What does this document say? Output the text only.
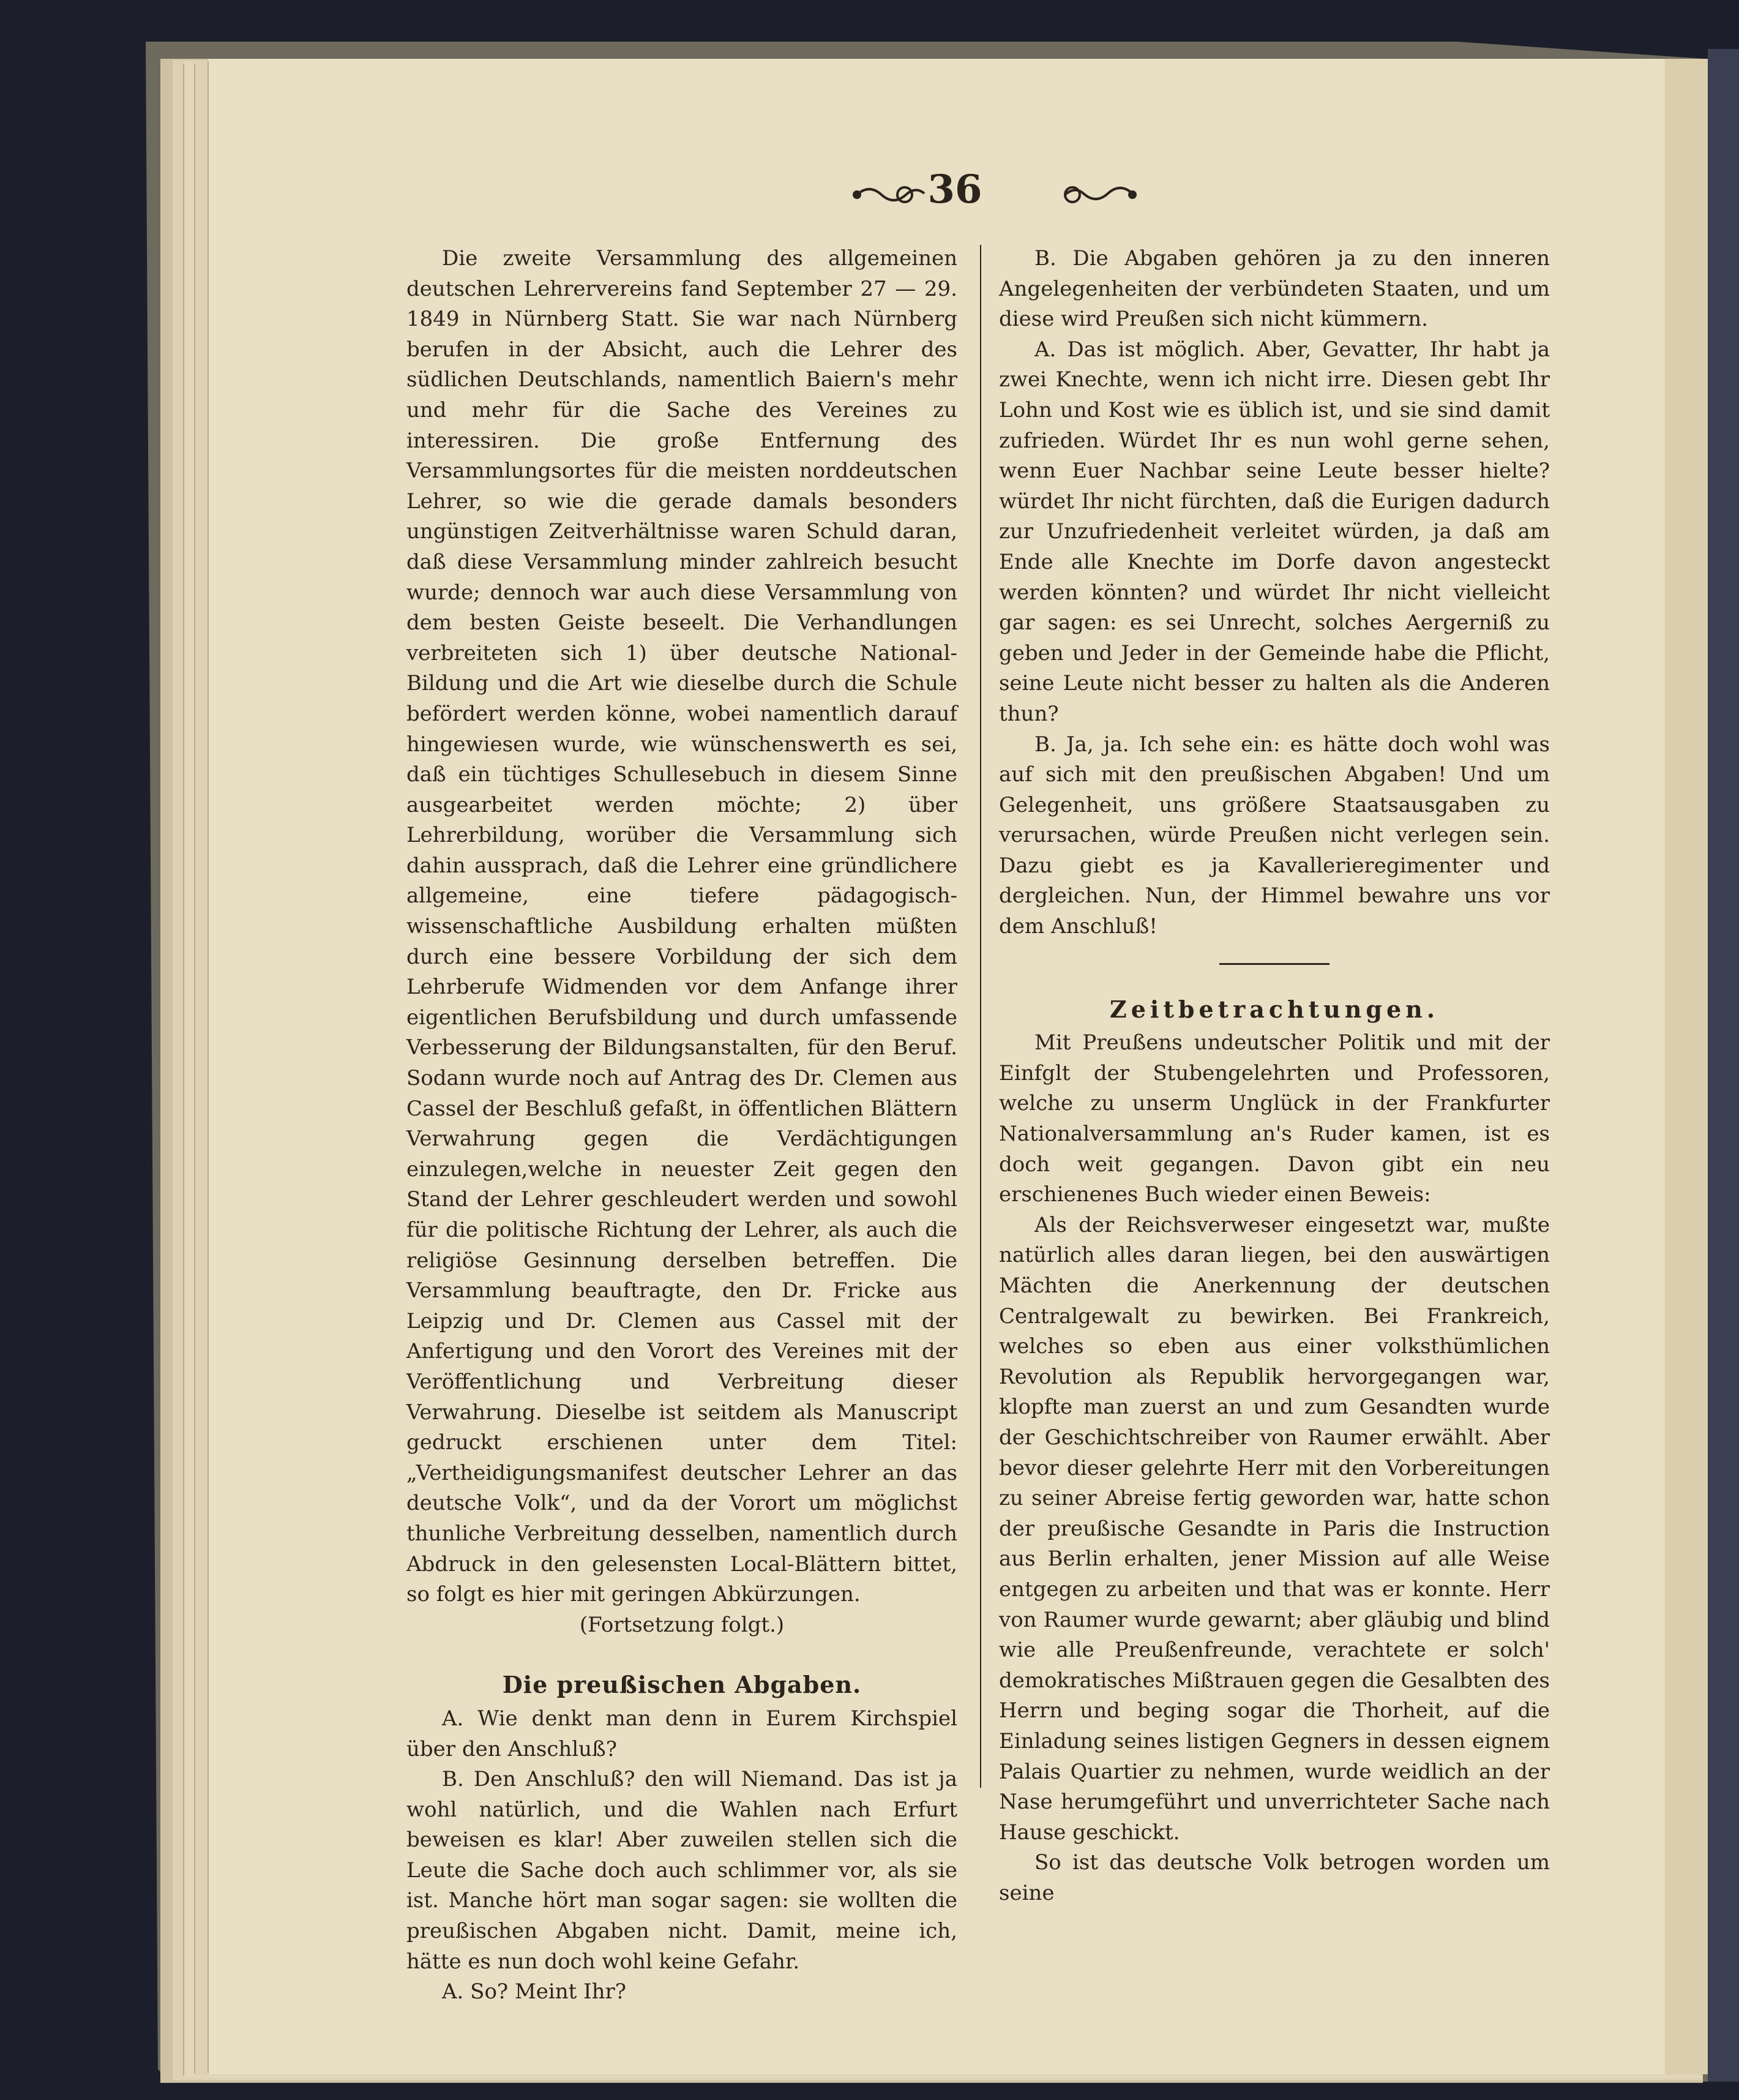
36

Die zweite Versammlung des allgemeinen deutschen Lehrervereins fand September 27 — 29. 1849 in Nürnberg Statt. Sie war nach Nürnberg berufen in der Absicht, auch die Lehrer des südlichen Deutschlands, namentlich Baiern's mehr und mehr für die Sache des Vereines zu interessiren. Die große Entfernung des Versammlungsortes für die meisten norddeutschen Lehrer, so wie die gerade damals besonders ungünstigen Zeitverhältnisse waren Schuld daran, daß diese Versammlung minder zahlreich besucht wurde; dennoch war auch diese Versammlung von dem besten Geiste beseelt. Die Verhandlungen verbreiteten sich 1) über deutsche National-Bildung und die Art wie dieselbe durch die Schule befördert werden könne, wobei namentlich darauf hingewiesen wurde, wie wünschenswerth es sei, daß ein tüchtiges Schullesebuch in diesem Sinne ausgearbeitet werden möchte; 2) über Lehrerbildung, worüber die Versammlung sich dahin aussprach, daß die Lehrer eine gründlichere allgemeine, eine tiefere pädagogisch-wissenschaftliche Ausbildung erhalten müßten durch eine bessere Vorbildung der sich dem Lehrberufe Widmenden vor dem Anfange ihrer eigentlichen Berufsbildung und durch umfassende Verbesserung der Bildungsanstalten, für den Beruf. Sodann wurde noch auf Antrag des Dr. Clemen aus Cassel der Beschluß gefaßt, in öffentlichen Blättern Verwahrung gegen die Verdächtigungen einzulegen,welche in neuester Zeit gegen den Stand der Lehrer geschleudert werden und sowohl für die politische Richtung der Lehrer, als auch die religiöse Gesinnung derselben betreffen. Die Versammlung beauftragte, den Dr. Fricke aus Leipzig und Dr. Clemen aus Cassel mit der Anfertigung und den Vorort des Vereines mit der Veröffentlichung und Verbreitung dieser Verwahrung. Dieselbe ist seitdem als Manuscript gedruckt erschienen unter dem Titel: „Vertheidigungsmanifest deutscher Lehrer an das deutsche Volk“, und da der Vorort um möglichst thunliche Verbreitung desselben, namentlich durch Abdruck in den gelesensten Local-Blättern bittet, so folgt es hier mit geringen Abkürzungen.

(Fortsetzung folgt.)

Die preußischen Abgaben.

A. Wie denkt man denn in Eurem Kirchspiel über den Anschluß?

B. Den Anschluß? den will Niemand. Das ist ja wohl natürlich, und die Wahlen nach Erfurt beweisen es klar! Aber zuweilen stellen sich die Leute die Sache doch auch schlimmer vor, als sie ist. Manche hört man sogar sagen: sie wollten die preußischen Abgaben nicht. Damit, meine ich, hätte es nun doch wohl keine Gefahr.

A. So? Meint Ihr?

B. Die Abgaben gehören ja zu den inneren Angelegenheiten der verbündeten Staaten, und um diese wird Preußen sich nicht kümmern.

A. Das ist möglich. Aber, Gevatter, Ihr habt ja zwei Knechte, wenn ich nicht irre. Diesen gebt Ihr Lohn und Kost wie es üblich ist, und sie sind damit zufrieden. Würdet Ihr es nun wohl gerne sehen, wenn Euer Nachbar seine Leute besser hielte? würdet Ihr nicht fürchten, daß die Eurigen dadurch zur Unzufriedenheit verleitet würden, ja daß am Ende alle Knechte im Dorfe davon angesteckt werden könnten? und würdet Ihr nicht vielleicht gar sagen: es sei Unrecht, solches Aergerniß zu geben und Jeder in der Gemeinde habe die Pflicht, seine Leute nicht besser zu halten als die Anderen thun?

B. Ja, ja. Ich sehe ein: es hätte doch wohl was auf sich mit den preußischen Abgaben! Und um Gelegenheit, uns größere Staatsausgaben zu verursachen, würde Preußen nicht verlegen sein. Dazu giebt es ja Kavallerieregimenter und dergleichen. Nun, der Himmel bewahre uns vor dem Anschluß!

Zeitbetrachtungen.

Mit Preußens undeutscher Politik und mit der Einfglt der Stubengelehrten und Professoren, welche zu unserm Unglück in der Frankfurter Nationalversammlung an's Ruder kamen, ist es doch weit gegangen. Davon gibt ein neu erschienenes Buch wieder einen Beweis:

Als der Reichsverweser eingesetzt war, mußte natürlich alles daran liegen, bei den auswärtigen Mächten die Anerkennung der deutschen Centralgewalt zu bewirken. Bei Frankreich, welches so eben aus einer volksthümlichen Revolution als Republik hervorgegangen war, klopfte man zuerst an und zum Gesandten wurde der Geschichtschreiber von Raumer erwählt. Aber bevor dieser gelehrte Herr mit den Vorbereitungen zu seiner Abreise fertig geworden war, hatte schon der preußische Gesandte in Paris die Instruction aus Berlin erhalten, jener Mission auf alle Weise entgegen zu arbeiten und that was er konnte. Herr von Raumer wurde gewarnt; aber gläubig und blind wie alle Preußenfreunde, verachtete er solch' demokratisches Mißtrauen gegen die Gesalbten des Herrn und beging sogar die Thorheit, auf die Einladung seines listigen Gegners in dessen eignem Palais Quartier zu nehmen, wurde weidlich an der Nase herumgeführt und unverrichteter Sache nach Hause geschickt.

So ist das deutsche Volk betrogen worden um seine
